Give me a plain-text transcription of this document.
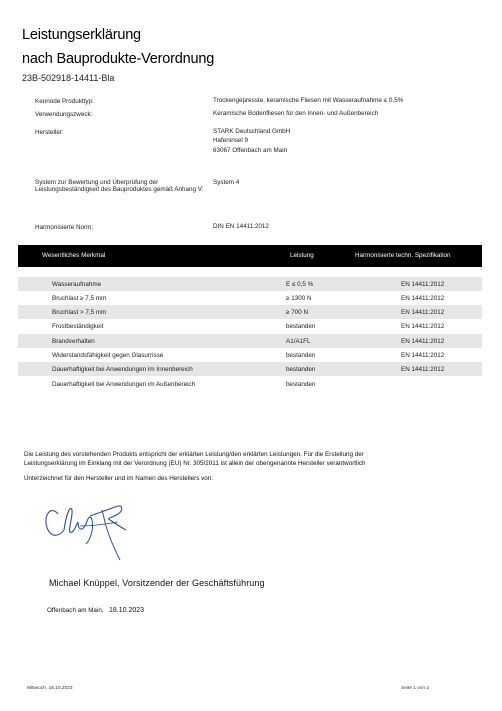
Leistungserklärung
nach Bauprodukte-Verordnung
23B-502918-14411-Bla
Kennode Produkttyp:	Trockengepresste, keramische Fliesen mit Wasseraufnahme ≤ 0,5%
Verwendungszweck:	Keramische Bodenfliesen für den Innen- und Außenbereich
Hersteller:	STARK Deutschland GmbH
Hafeninsel 9
63067 Offenbach am Main
System zur Bewertung und Überprüfung der Leistungsbeständigkeit des Bauproduktes gemäß Anhang V:
System 4
Harmonisierte Norm:	DIN EN 14411:2012
Wesentliches Merkmal	Leistung	Harmonisierte techn. Spezifikation
Wasseraufnahme	E ≤ 0,5 %	EN 14411:2012
Bruchlast ≥ 7,5 mm	≥ 1300 N	EN 14411:2012
Bruchlast > 7,5 mm	≥ 700 N	EN 14411:2012
Frostbeständigkeit	bestanden	EN 14411:2012
Brandverhalten	A1/A1FL	EN 14411:2012
Widerstandsfähigkeit gegen Glasurrisse	bestanden	EN 14411:2012
Dauerhaftigkeit bei Anwendungen im Innenbereich	bestanden	EN 14411:2012
Dauerhaftigkeit bei Anwendungen im Außenbereich	bestanden
Die Leistung des vorstehenden Produkts entspricht der erklärten Leistung/den erklärten Leistungen. Für die Erstellung der
Leistungserklärung im Einklang mit der Verordnung (EU) Nr. 305/2011 ist allein der obengenannte Hersteller verantwortlich
Unterzeichnet für den Hersteller und im Namen des Herstellers von:
Michael Knüppel, Vorsitzender der Geschäftsführung
Offenbach am Main, 18.10.2023
Mittwoch, 18.10.2023	Seite 1 von 2
